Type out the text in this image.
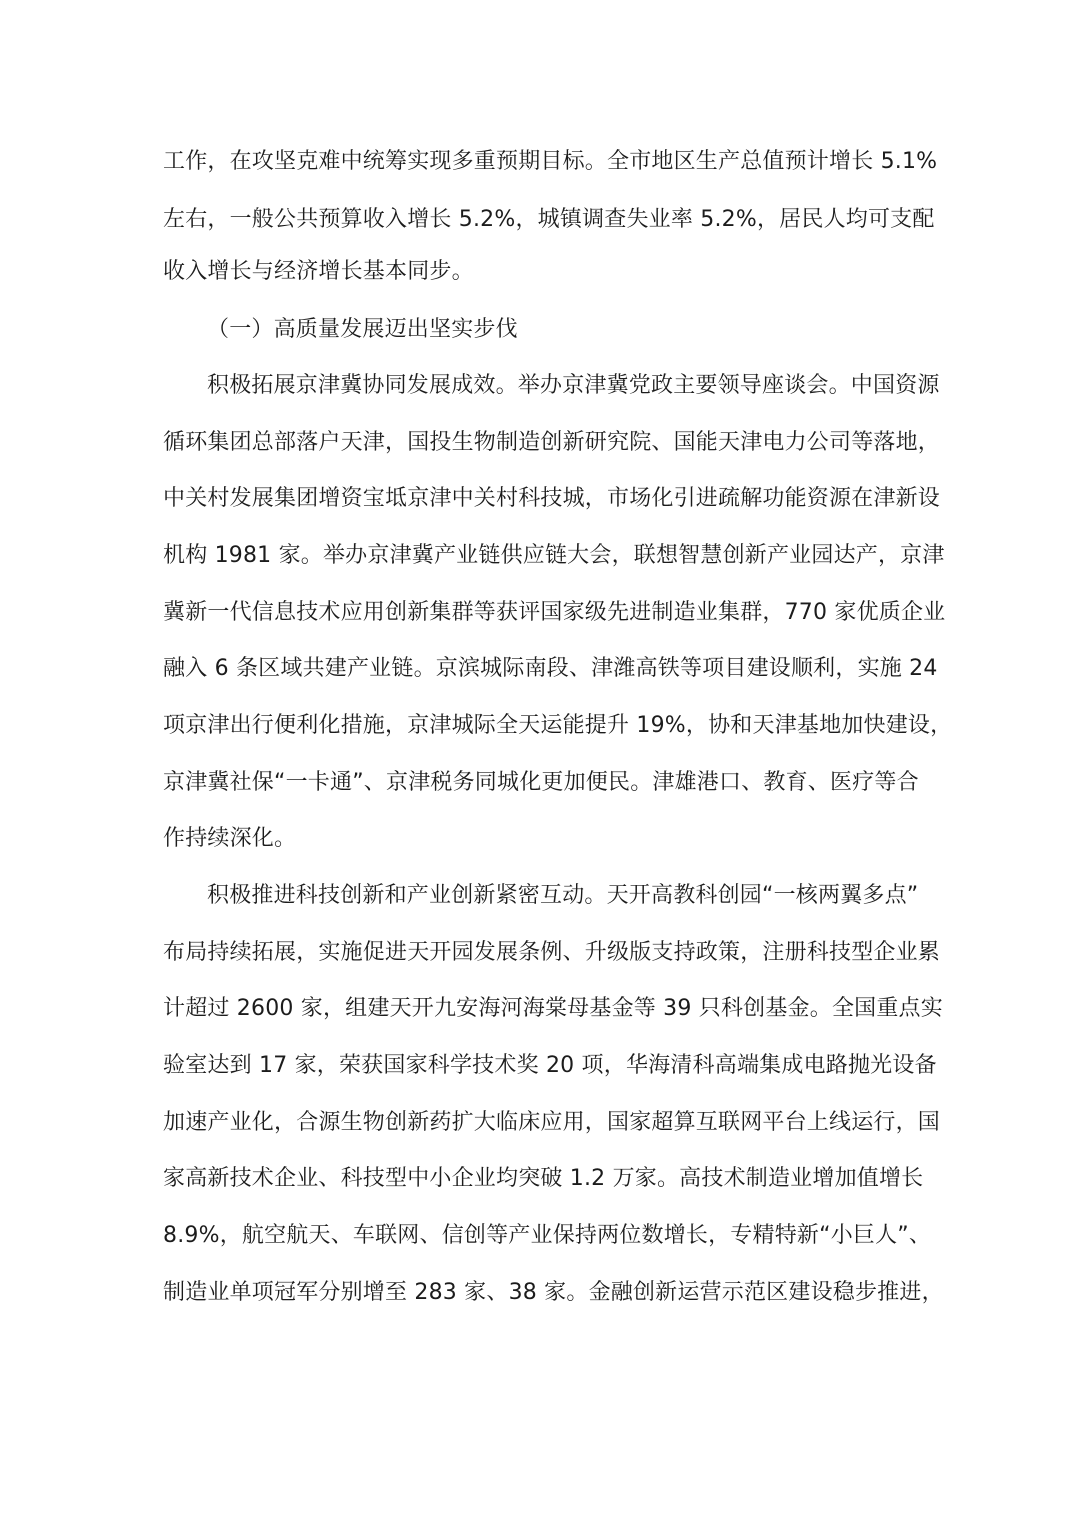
工作，在攻坚克难中统筹实现多重预期目标。全市地区生产总值预计增长 5.1%
左右，一般公共预算收入增长 5.2%，城镇调查失业率 5.2%，居民人均可支配
收入增长与经济增长基本同步。
（一）高质量发展迈出坚实步伐
积极拓展京津冀协同发展成效。举办京津冀党政主要领导座谈会。中国资源
循环集团总部落户天津，国投生物制造创新研究院、国能天津电力公司等落地，
中关村发展集团增资宝坻京津中关村科技城，市场化引进疏解功能资源在津新设
机构 1981 家。举办京津冀产业链供应链大会，联想智慧创新产业园达产，京津
冀新一代信息技术应用创新集群等获评国家级先进制造业集群，770 家优质企业
融入 6 条区域共建产业链。京滨城际南段、津潍高铁等项目建设顺利，实施 24
项京津出行便利化措施，京津城际全天运能提升 19%，协和天津基地加快建设，
京津冀社保“一卡通”、京津税务同城化更加便民。津雄港口、教育、医疗等合
作持续深化。
积极推进科技创新和产业创新紧密互动。天开高教科创园“一核两翼多点”
布局持续拓展，实施促进天开园发展条例、升级版支持政策，注册科技型企业累
计超过 2600 家，组建天开九安海河海棠母基金等 39 只科创基金。全国重点实
验室达到 17 家，荣获国家科学技术奖 20 项，华海清科高端集成电路抛光设备
加速产业化，合源生物创新药扩大临床应用，国家超算互联网平台上线运行，国
家高新技术企业、科技型中小企业均突破 1.2 万家。高技术制造业增加值增长
8.9%，航空航天、车联网、信创等产业保持两位数增长，专精特新“小巨人”、
制造业单项冠军分别增至 283 家、38 家。金融创新运营示范区建设稳步推进，
